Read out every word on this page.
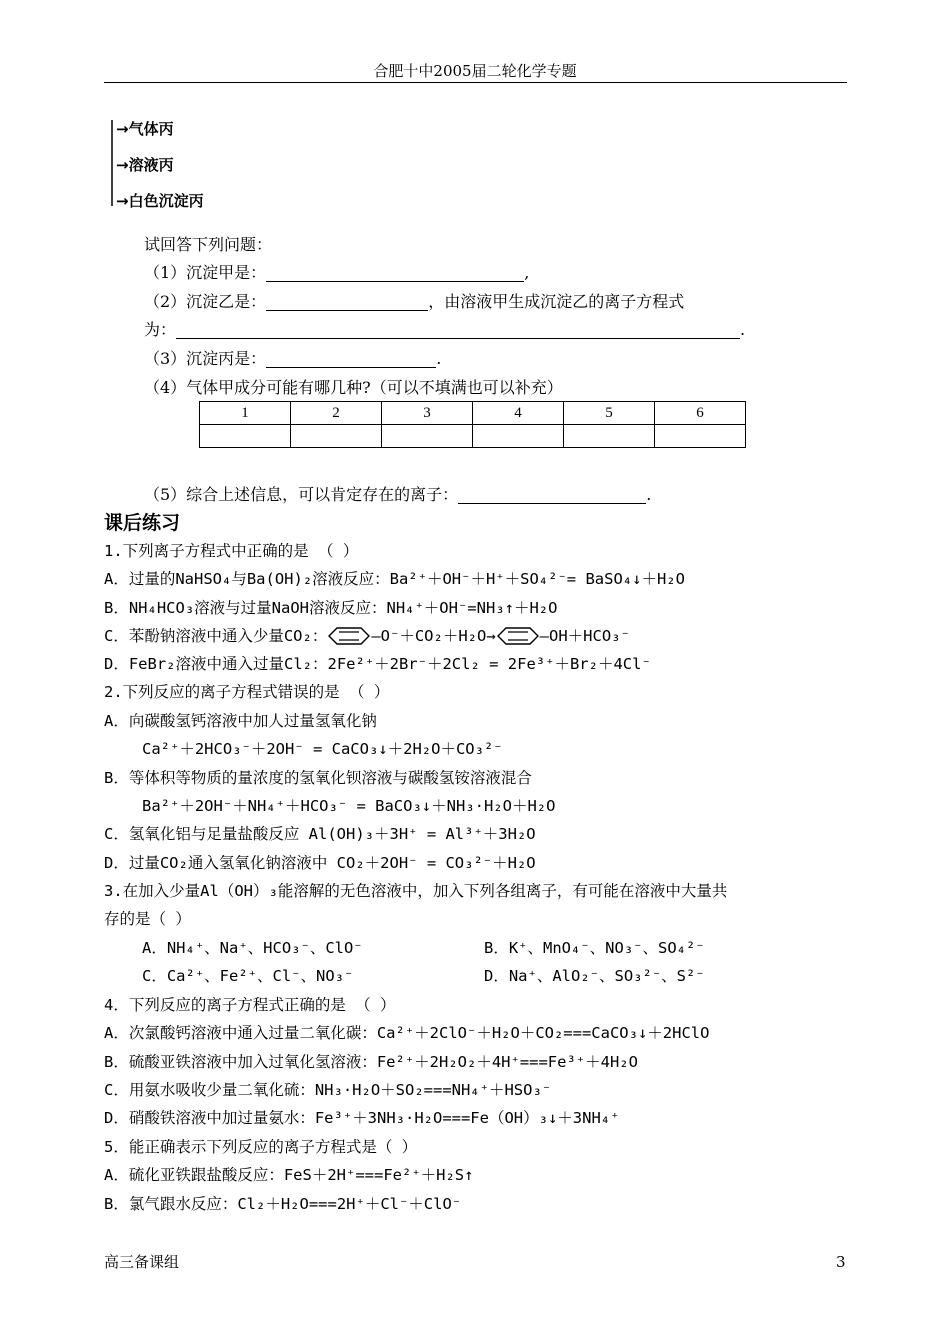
合肥十中2005届二轮化学专题
→气体丙
→溶液丙
→白色沉淀丙
试回答下列问题：
（1）沉淀甲是：	,
（2）沉淀乙是：	，由溶液甲生成沉淀乙的离子方程式
为：	.
（3）沉淀丙是：	.
（4）气体甲成分可能有哪几种?（可以不填满也可以补充）
1	2	3	4	5	6

（5）综合上述信息，可以肯定存在的离子：	.
课后练习
1.下列离子方程式中正确的是 （ ）
A．过量的NaHSO₄与Ba(OH)₂溶液反应：Ba²⁺＋OH⁻＋H⁺＋SO₄²⁻= BaSO₄↓＋H₂O
B．NH₄HCO₃溶液与过量NaOH溶液反应：NH₄⁺＋OH⁻=NH₃↑＋H₂O
C．苯酚钠溶液中通入少量CO₂：	—O⁻＋CO₂＋H₂O→	—OH＋HCO₃⁻
D．FeBr₂溶液中通入过量Cl₂：2Fe²⁺＋2Br⁻＋2Cl₂ = 2Fe³⁺＋Br₂＋4Cl⁻
2.下列反应的离子方程式错误的是 （ ）
A．向碳酸氢钙溶液中加人过量氢氧化钠
Ca²⁺＋2HCO₃⁻＋2OH⁻ = CaCO₃↓＋2H₂O＋CO₃²⁻
B．等体积等物质的量浓度的氢氧化钡溶液与碳酸氢铵溶液混合
Ba²⁺＋2OH⁻＋NH₄⁺＋HCO₃⁻ = BaCO₃↓＋NH₃·H₂O＋H₂O
C．氢氧化铝与足量盐酸反应 Al(OH)₃＋3H⁺ = Al³⁺＋3H₂O
D．过量CO₂通入氢氧化钠溶液中 CO₂＋2OH⁻ = CO₃²⁻＋H₂O
3.在加入少量Al（OH）₃能溶解的无色溶液中，加入下列各组离子，有可能在溶液中大量共
存的是（ ）
A．NH₄⁺、Na⁺、HCO₃⁻、ClO⁻	B．K⁺、MnO₄⁻、NO₃⁻、SO₄²⁻
C．Ca²⁺、Fe²⁺、Cl⁻、NO₃⁻	D．Na⁺、AlO₂⁻、SO₃²⁻、S²⁻
4．下列反应的离子方程式正确的是 （ ）
A．次氯酸钙溶液中通入过量二氧化碳：Ca²⁺＋2ClO⁻＋H₂O＋CO₂===CaCO₃↓＋2HClO
B．硫酸亚铁溶液中加入过氧化氢溶液：Fe²⁺＋2H₂O₂＋4H⁺===Fe³⁺＋4H₂O
C．用氨水吸收少量二氧化硫：NH₃·H₂O＋SO₂===NH₄⁺＋HSO₃⁻
D．硝酸铁溶液中加过量氨水：Fe³⁺＋3NH₃·H₂O===Fe（OH）₃↓＋3NH₄⁺
5．能正确表示下列反应的离子方程式是（ ）
A．硫化亚铁跟盐酸反应：FeS＋2H⁺===Fe²⁺＋H₂S↑
B．氯气跟水反应：Cl₂＋H₂O===2H⁺＋Cl⁻＋ClO⁻
高三备课组	3
